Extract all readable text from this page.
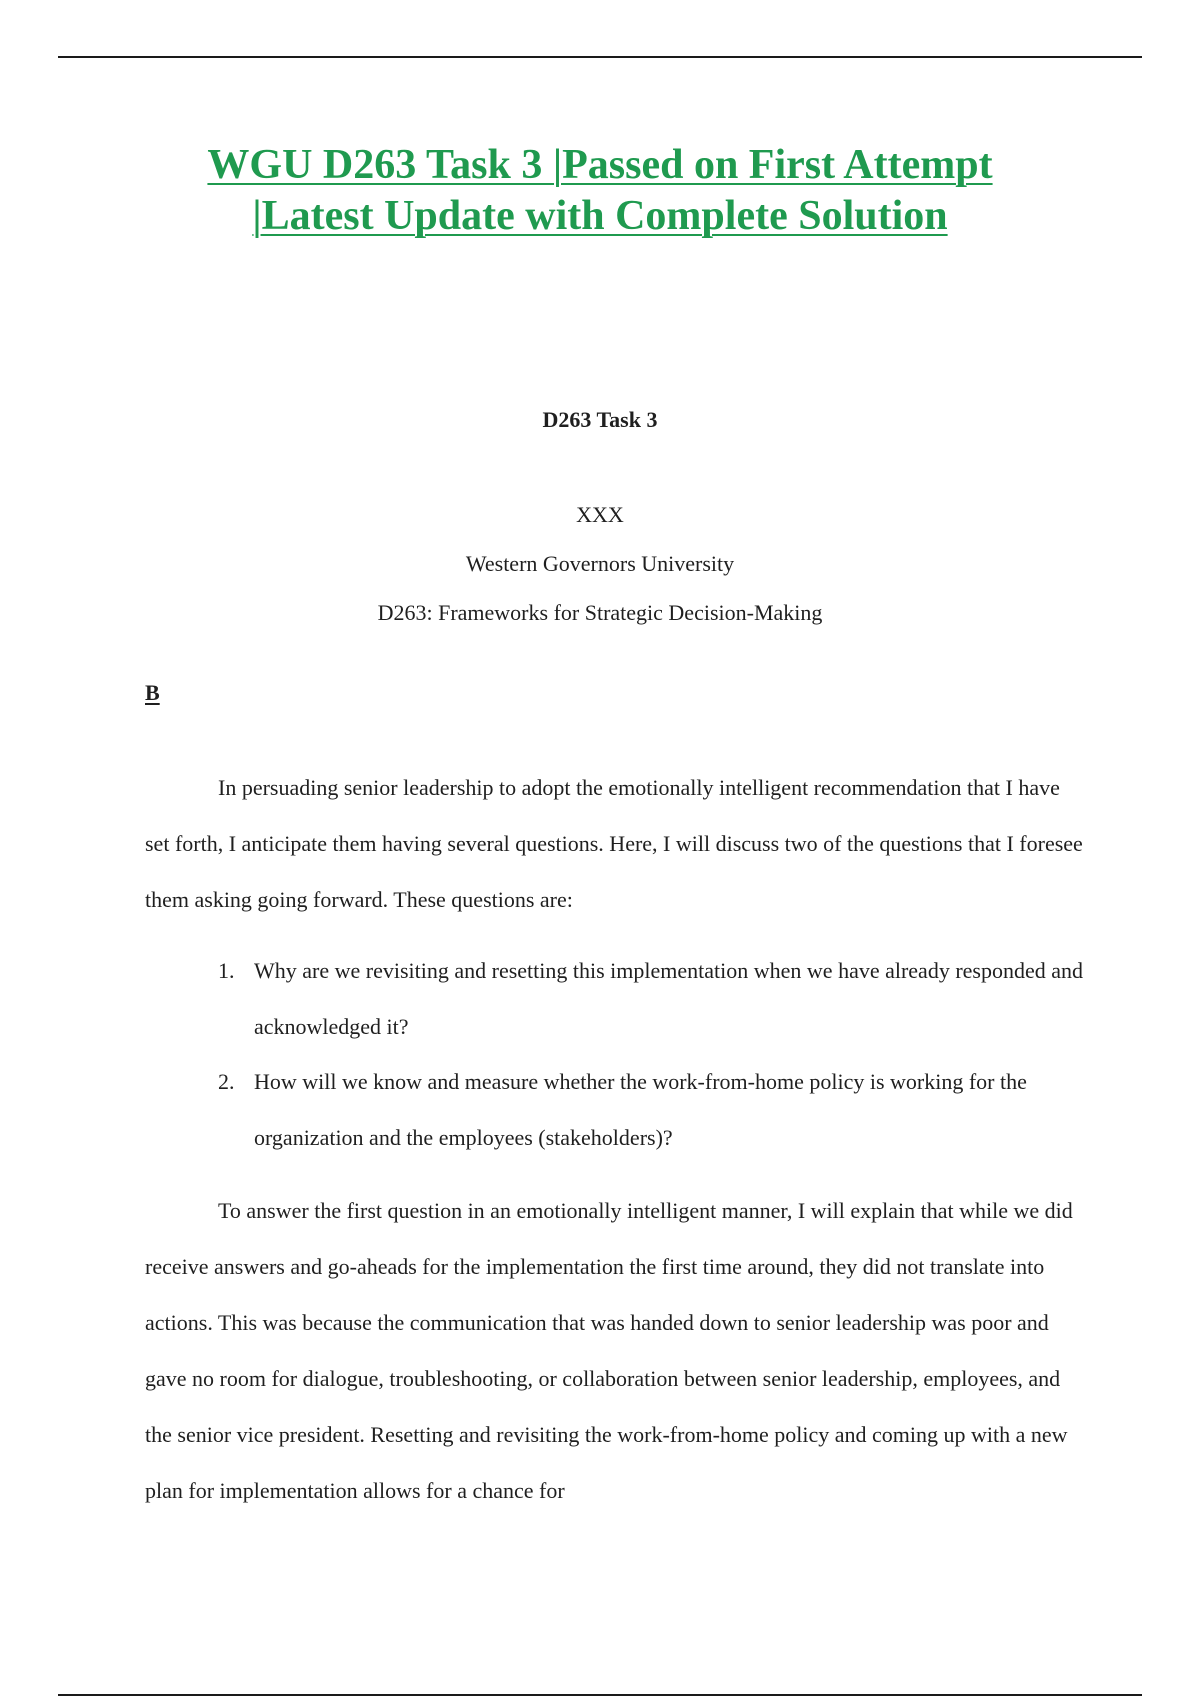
WGU D263 Task 3 |Passed on First Attempt
|Latest Update with Complete Solution
D263 Task 3
XXX
Western Governors University
D263: Frameworks for Strategic Decision-Making
B

In persuading senior leadership to adopt the emotionally intelligent recommendation that I have set forth, I anticipate them having several questions. Here, I will discuss two of the questions that I foresee them asking going forward. These questions are:

1. Why are we revisiting and resetting this implementation when we have already responded and acknowledged it?
2. How will we know and measure whether the work-from-home policy is working for the organization and the employees (stakeholders)?

To answer the first question in an emotionally intelligent manner, I will explain that while we did receive answers and go-aheads for the implementation the first time around, they did not translate into actions. This was because the communication that was handed down to senior leadership was poor and gave no room for dialogue, troubleshooting, or collaboration between senior leadership, employees, and the senior vice president. Resetting and revisiting the work-from-home policy and coming up with a new plan for implementation allows for a chance for
